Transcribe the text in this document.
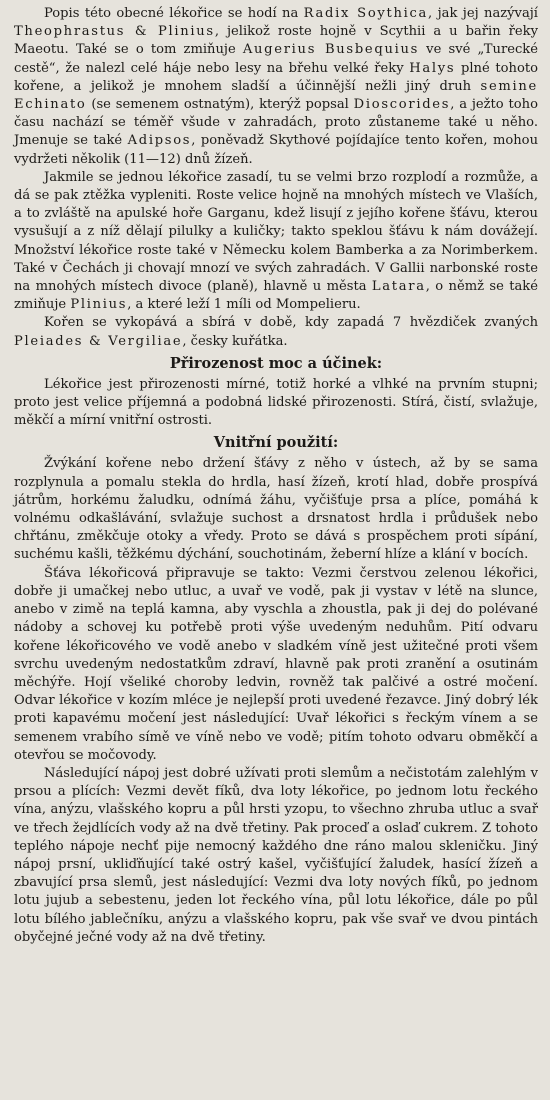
Popis této obecné lékořice se hodí na Radix Soythica, jak jej nazývají Theophrastus & Plinius, jelikož roste hojně v Scythii a u bařin řeky Maeotu. Také se o tom zmiňuje Augerius Busbequius ve své „Turecké cestě“, že nalezl celé háje nebo lesy na břehu velké řeky Halys plné tohoto kořene, a jelikož je mnohem sladší a účinnější nežli jiný druh semine Echinato (se semenem ostnatým), kterýž popsal Dioscorides, a ježto toho času nachází se téměř všude v zahradách, proto zůstaneme také u něho. Jmenuje se také Adipsos, poněvadž Skythové pojídajíce tento kořen, mohou vydržeti několik (11—12) dnů žízeň.

Jakmile se jednou lékořice zasadí, tu se velmi brzo rozplodí a rozmůže, a dá se pak ztěžka vypleniti. Roste velice hojně na mnohých místech ve Vlaších, a to zvláště na apulské hoře Garganu, kdež lisují z jejího kořene šťávu, kterou vysušují a z níž dělají pilulky a kuličky; takto speklou šťávu k nám dovážejí. Množství lékořice roste také v Německu kolem Bamberka a za Norimberkem. Také v Čechách ji chovají mnozí ve svých zahradách. V Gallii narbonské roste na mnohých místech divoce (planě), hlavně u města Latara, o němž se také zmiňuje Plinius, a které leží 1 míli od Mompelieru.

Kořen se vykopává a sbírá v době, kdy zapadá 7 hvězdiček zvaných Pleiades & Vergiliae, česky kuřátka.

Přirozenost moc a účinek:

Lékořice jest přirozenosti mírné, totiž horké a vlhké na prvním stupni; proto jest velice příjemná a podobná lidské přirozenosti. Stírá, čistí, svlažuje, měkčí a mírní vnitřní ostrosti.

Vnitřní použití:

Žvýkání kořene nebo držení šťávy z něho v ústech, až by se sama rozplynula a pomalu stekla do hrdla, hasí žízeň, krotí hlad, dobře prospívá játrům, horkému žaludku, odnímá žáhu, vyčišťuje prsa a plíce, pomáhá k volnému odkašlávání, svlažuje suchost a drsnatost hrdla i průdušek nebo chřtánu, změkčuje otoky a vředy. Proto se dává s prospěchem proti sípání, suchému kašli, těžkému dýchání, souchotinám, žeberní hlíze a klání v bocích.

Šťáva lékořicová připravuje se takto: Vezmi čerstvou zelenou lékořici, dobře ji umačkej nebo utluc, a uvař ve vodě, pak ji vystav v létě na slunce, anebo v zimě na teplá kamna, aby vyschla a zhoustla, pak ji dej do polévané nádoby a schovej ku potřebě proti výše uvedeným neduhům. Pití odvaru kořene lékořicového ve vodě anebo v sladkém víně jest užitečné proti všem svrchu uvedeným nedostatkům zdraví, hlavně pak proti zranění a osutinám měchýře. Hojí všeliké choroby ledvin, rovněž tak palčivé a ostré močení. Odvar lékořice v kozím mléce je nejlepší proti uvedené řezavce. Jiný dobrý lék proti kapavému močení jest následující: Uvař lékořici s řeckým vínem a se semenem vrabího símě ve víně nebo ve vodě; pitím tohoto odvaru obměkčí a otevřou se močovody.

Následující nápoj jest dobré užívati proti slemům a nečistotám zalehlým v prsou a plících: Vezmi devět fíků, dva loty lékořice, po jednom lotu řeckého vína, anýzu, vlašského kopru a půl hrsti yzopu, to všechno zhruba utluc a svař ve třech žejdlících vody až na dvě třetiny. Pak proceď a oslaď cukrem. Z tohoto teplého nápoje nechť pije nemocný každého dne ráno malou skleničku. Jiný nápoj prsní, ukliďňující také ostrý kašel, vyčišťující žaludek, hasící žízeň a zbavující prsa slemů, jest následující: Vezmi dva loty nových fíků, po jednom lotu jujub a sebestenu, jeden lot řeckého vína, půl lotu lékořice, dále po půl lotu bílého jablečníku, anýzu a vlašského kopru, pak vše svař ve dvou pintách obyčejné ječné vody až na dvě třetiny.
